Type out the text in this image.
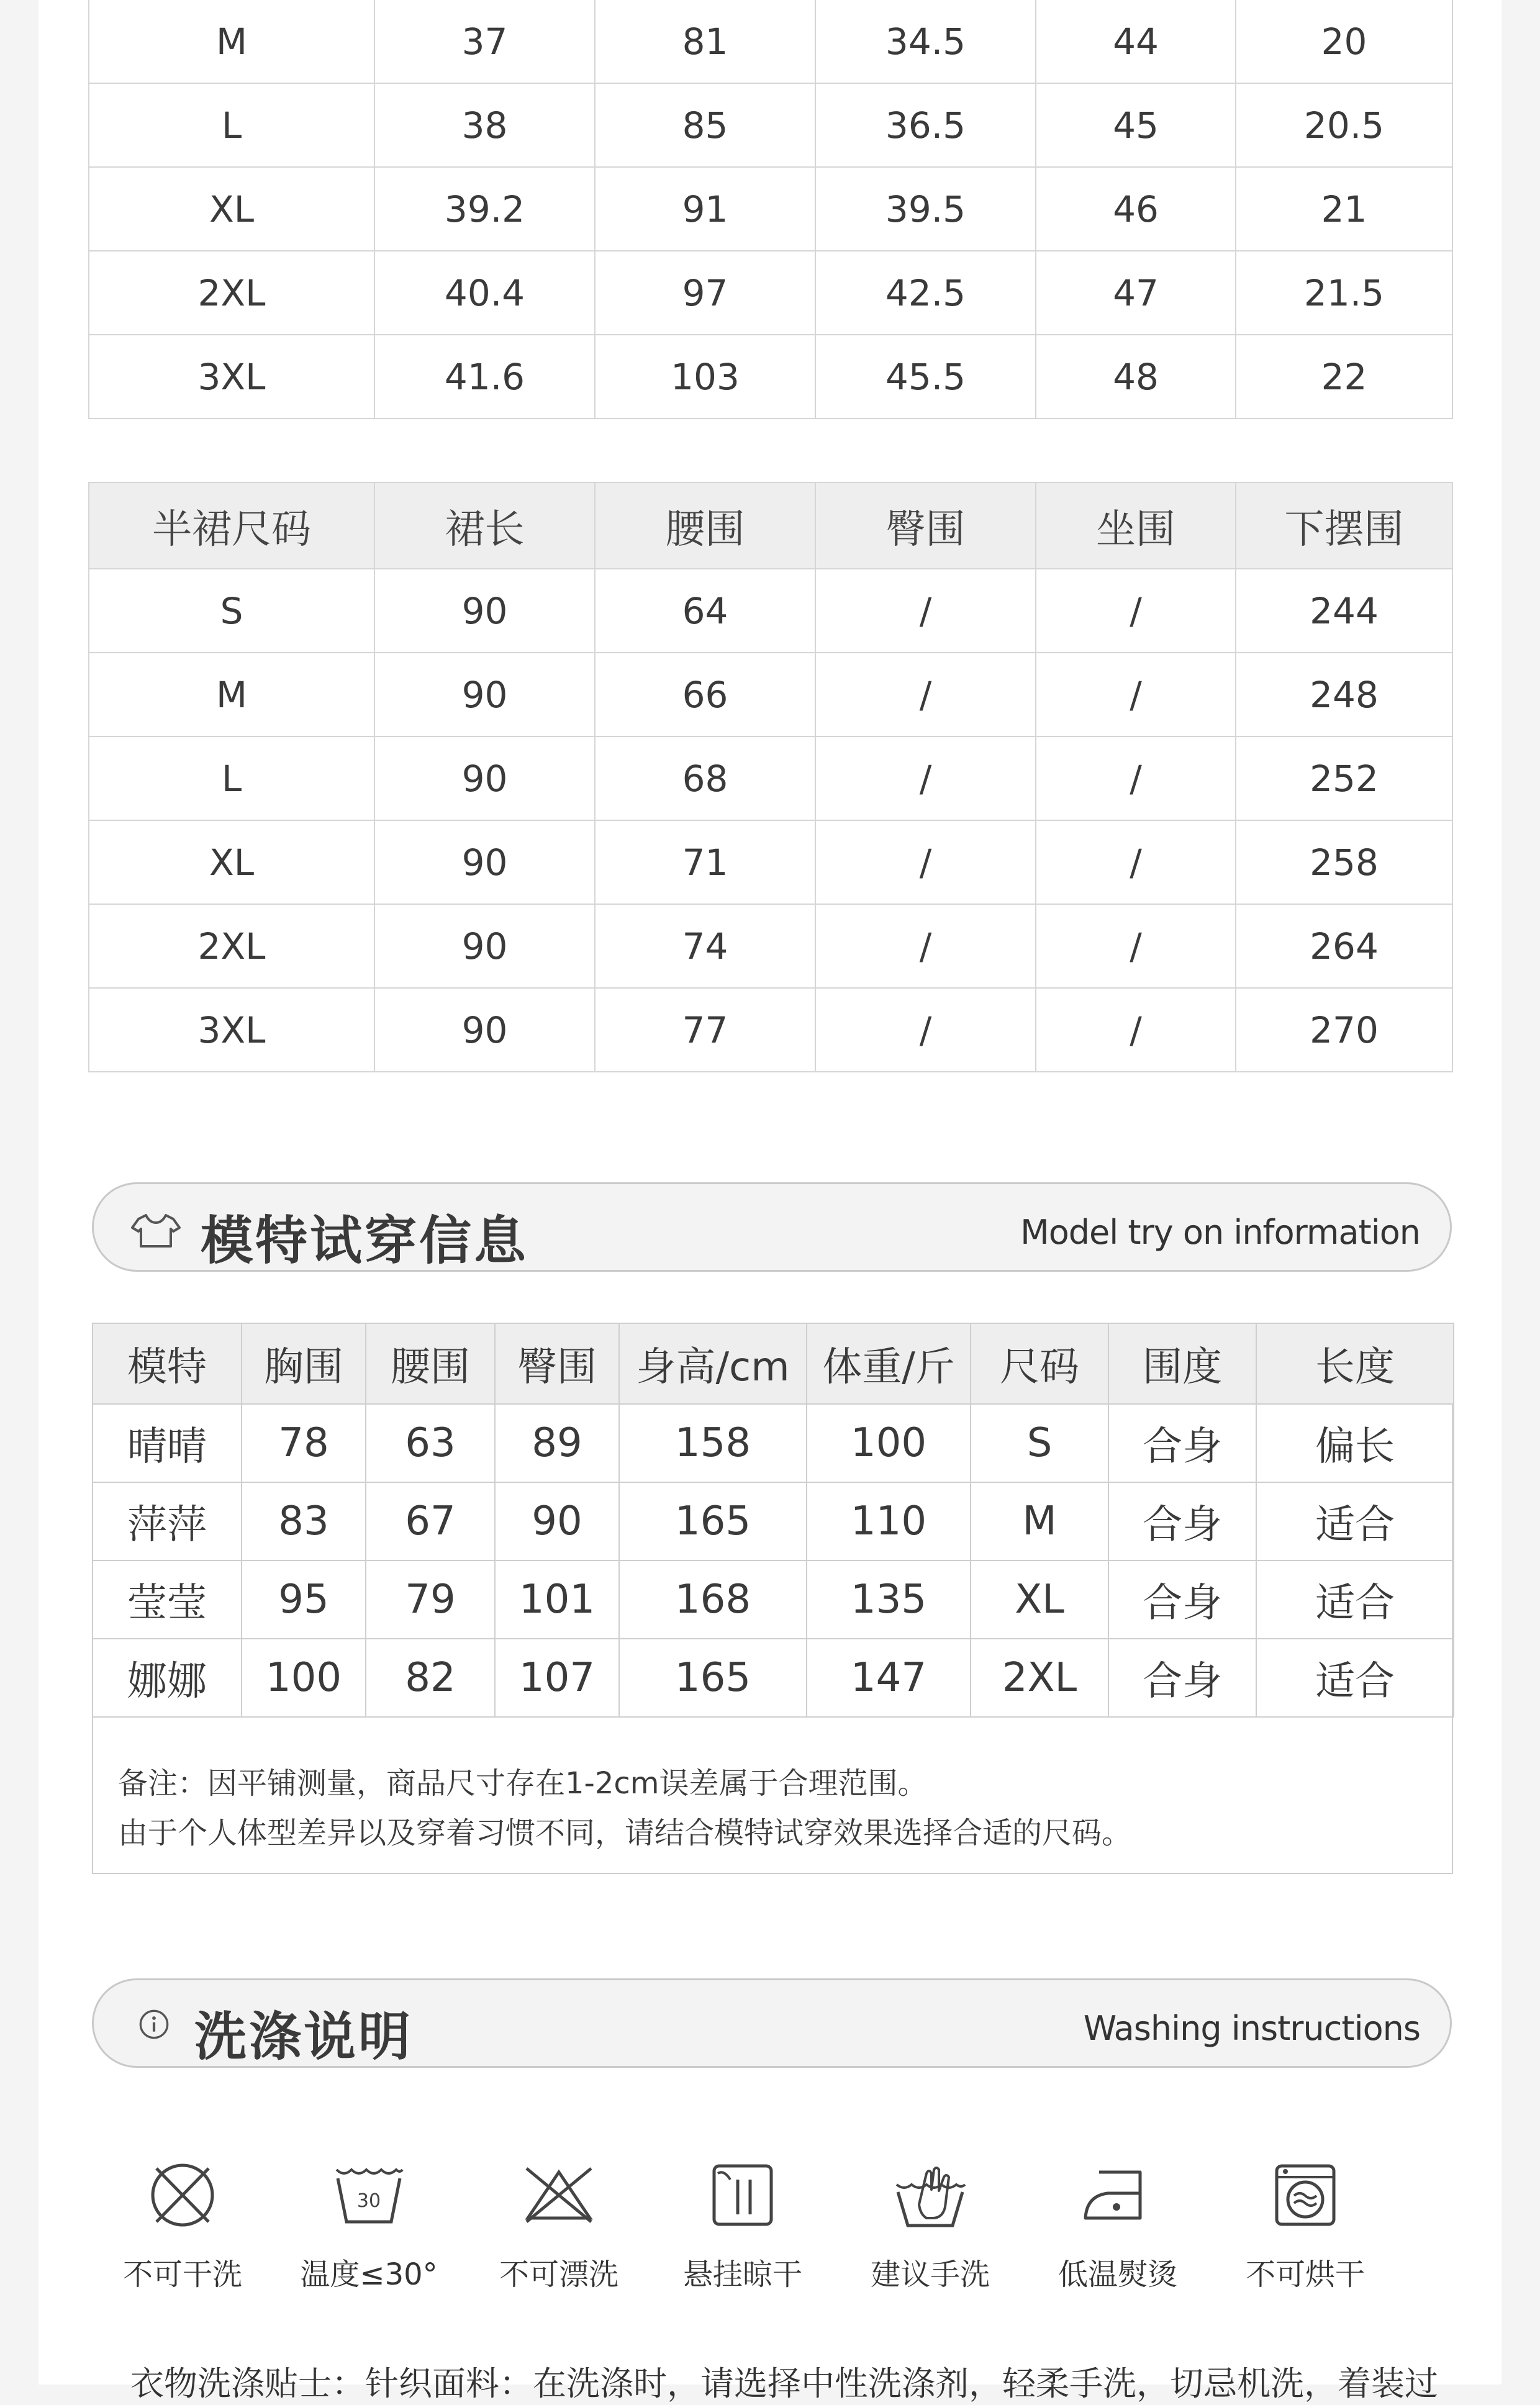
M	37	81	34.5	44	20
L	38	85	36.5	45	20.5
XL	39.2	91	39.5	46	21
2XL	40.4	97	42.5	47	21.5
3XL	41.6	103	45.5	48	22
半裙尺码	裙长	腰围	臀围	坐围	下摆围
S	90	64	/	/	244
M	90	66	/	/	248
L	90	68	/	/	252
XL	90	71	/	/	258
2XL	90	74	/	/	264
3XL	90	77	/	/	270
模特试穿信息	Model try on information
模特	胸围	腰围	臀围	身高/cm	体重/斤	尺码	围度	长度
晴晴	78	63	89	158	100	S	合身	偏长
萍萍	83	67	90	165	110	M	合身	适合
莹莹	95	79	101	168	135	XL	合身	适合
娜娜	100	82	107	165	147	2XL	合身	适合
备注：因平铺测量，商品尺寸存在1-2cm误差属于合理范围。
由于个人体型差异以及穿着习惯不同，请结合模特试穿效果选择合适的尺码。
洗涤说明	Washing instructions
不可干洗
30
温度≤30°	不可漂洗	悬挂晾干	建议手洗	低温熨烫	不可烘干
衣物洗涤贴士：针织面料：在洗涤时，请选择中性洗涤剂，轻柔手洗，切忌机洗，着装过
